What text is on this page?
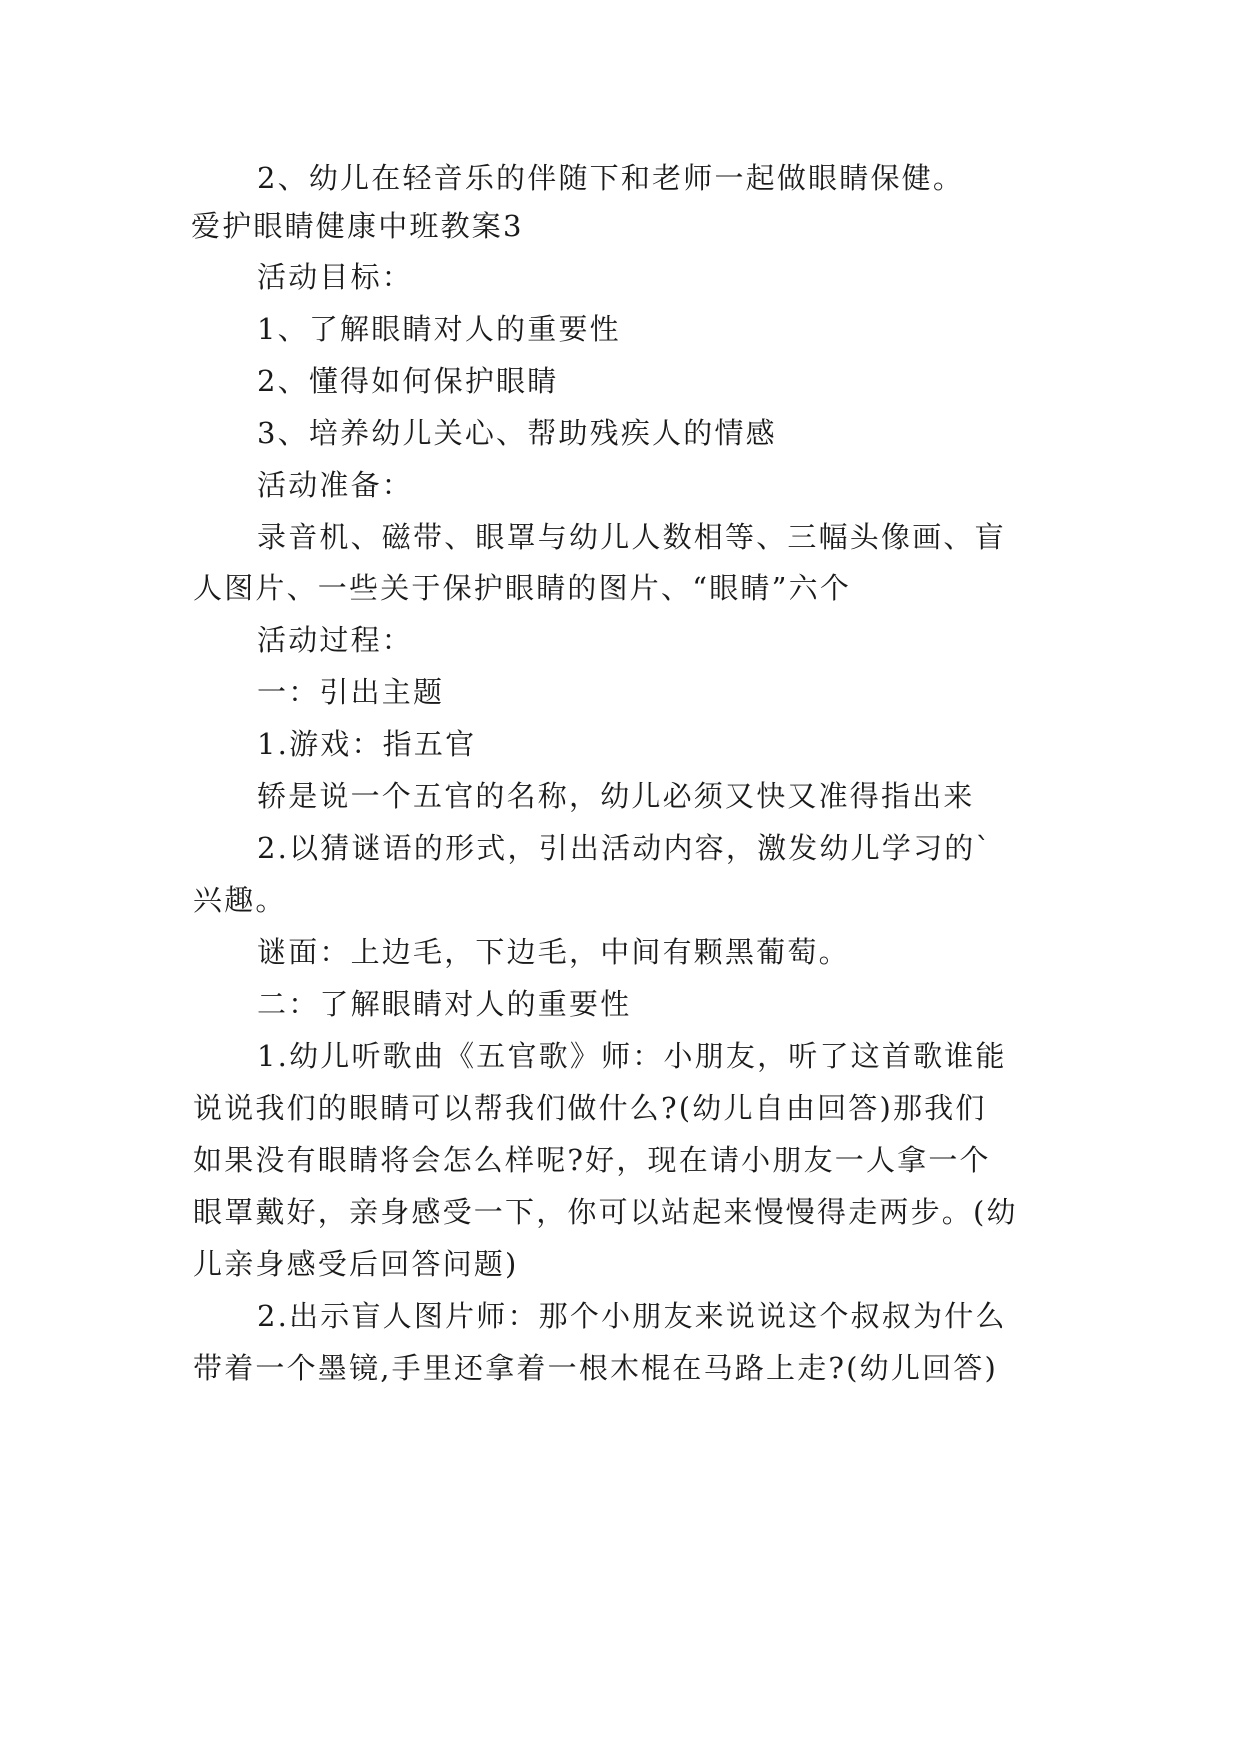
2、幼儿在轻音乐的伴随下和老师一起做眼睛保健。
爱护眼睛健康中班教案3
活动目标：
1、了解眼睛对人的重要性
2、懂得如何保护眼睛
3、培养幼儿关心、帮助残疾人的情感
活动准备：
录音机、磁带、眼罩与幼儿人数相等、三幅头像画、盲
人图片、一些关于保护眼睛的图片、“眼睛”六个
活动过程：
一：引出主题
1.游戏：指五官
轿是说一个五官的名称，幼儿必须又快又准得指出来
2.以猜谜语的形式，引出活动内容，激发幼儿学习的`
兴趣。
谜面：上边毛，下边毛，中间有颗黑葡萄。
二：了解眼睛对人的重要性
1.幼儿听歌曲《五官歌》师：小朋友，听了这首歌谁能
说说我们的眼睛可以帮我们做什么?(幼儿自由回答)那我们
如果没有眼睛将会怎么样呢?好，现在请小朋友一人拿一个
眼罩戴好，亲身感受一下，你可以站起来慢慢得走两步。(幼
儿亲身感受后回答问题)
2.出示盲人图片师：那个小朋友来说说这个叔叔为什么
带着一个墨镜,手里还拿着一根木棍在马路上走?(幼儿回答)
